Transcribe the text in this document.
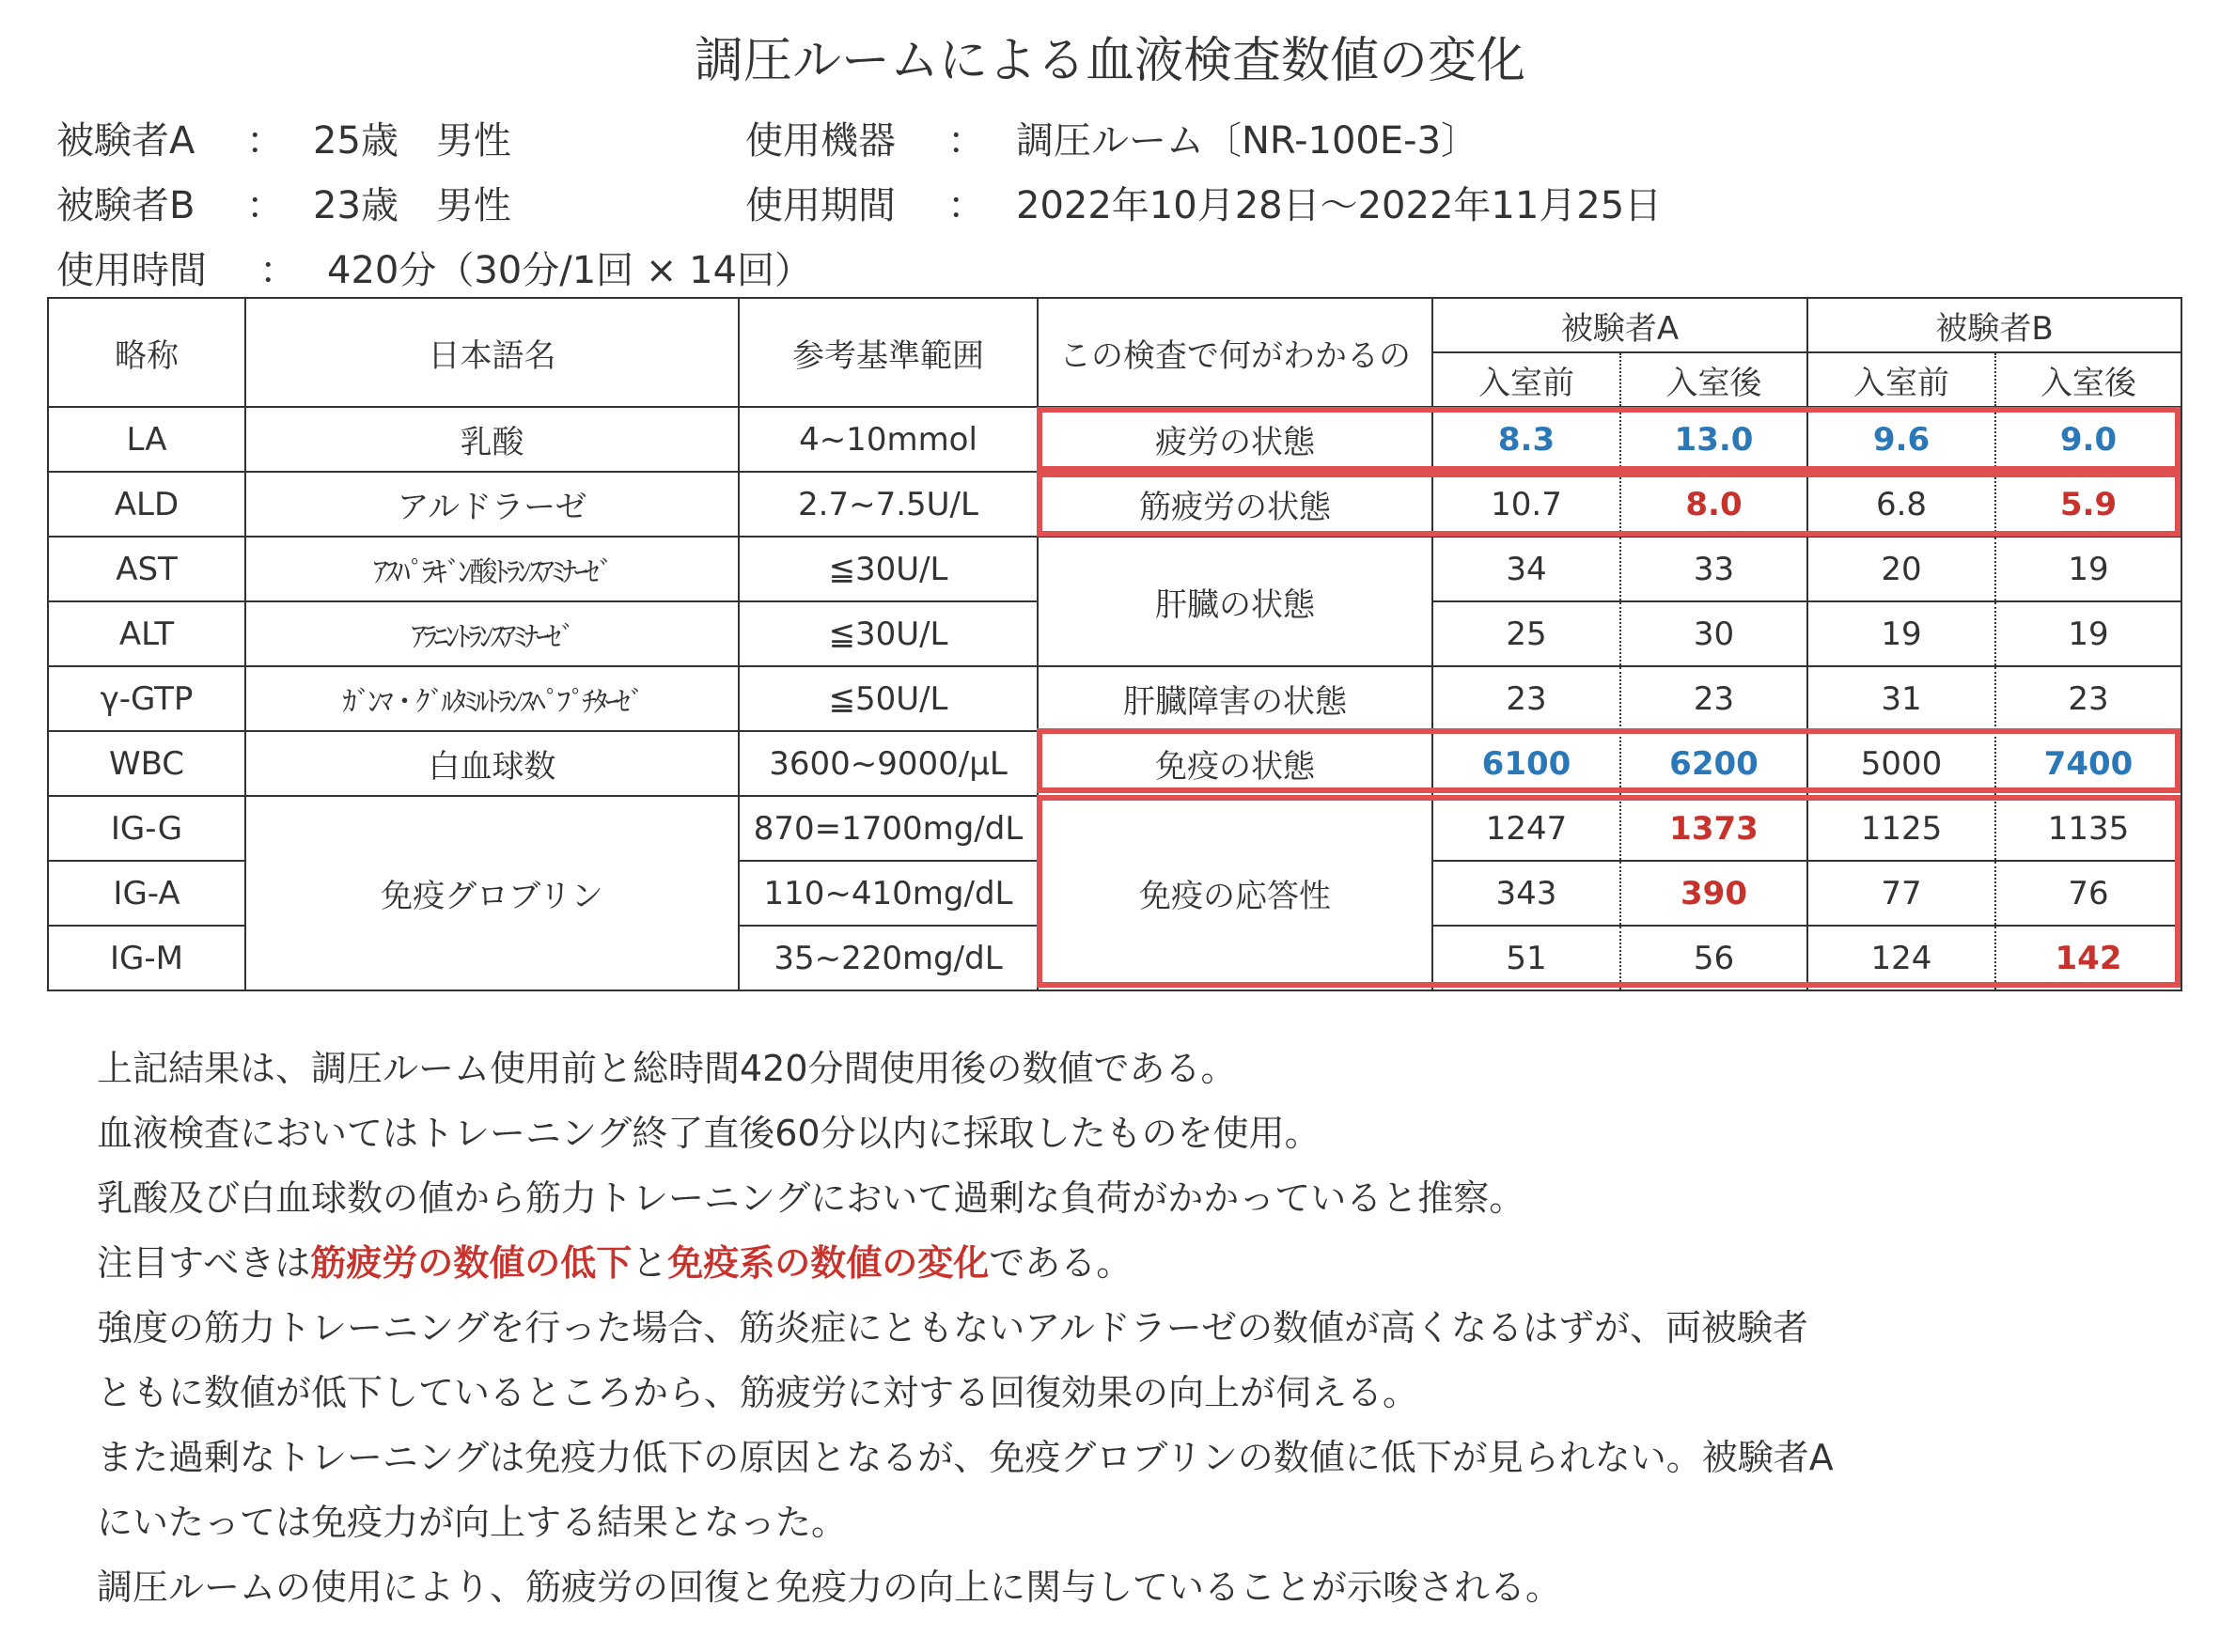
調圧ルームによる血液検査数値の変化
被験者A ： 25歳　男性
被験者B ： 23歳　男性
使用時間 ： 420分（30分/1回 × 14回）
使用機器 ： 調圧ルーム〔NR-100E-3〕
使用期間 ： 2022年10月28日～2022年11月25日
略称	日本語名	参考基準範囲	この検査で何がわかるの	被験者A		被験者B	
				入室前	入室後	入室前	入室後
LA	乳酸	4~10mmol	疲労の状態	8.3	13.0	9.6	9.0
ALD	アルドラーゼ	2.7~7.5U/L	筋疲労の状態	10.7	8.0	6.8	5.9
AST	ｱｽﾊﾟﾗｷﾞﾝ酸ﾄﾗﾝｽｱﾐﾅｰｾﾞ	≦30U/L	肝臓の状態	34	33	20	19
ALT	ｱﾗﾆﾝﾄﾗﾝｽｱﾐﾅｰｾﾞ	≦30U/L		25	30	19	19
γ-GTP	ｶﾞﾝﾏ・ｸﾞﾙﾀﾐﾙﾄﾗﾝｽﾍﾟﾌﾟﾁﾀｰｾﾞ	≦50U/L	肝臓障害の状態	23	23	31	23
WBC	白血球数	3600~9000/μL	免疫の状態	6100	6200	5000	7400
IG-G	免疫グロブリン	870=1700mg/dL	免疫の応答性	1247	1373	1125	1135
IG-A		110~410mg/dL		343	390	77	76
IG-M		35~220mg/dL		51	56	124	142
上記結果は、調圧ルーム使用前と総時間420分間使用後の数値である。
血液検査においてはトレーニング終了直後60分以内に採取したものを使用。
乳酸及び白血球数の値から筋力トレーニングにおいて過剰な負荷がかかっていると推察。
注目すべきは筋疲労の数値の低下と免疫系の数値の変化である。
強度の筋力トレーニングを行った場合、筋炎症にともないアルドラーゼの数値が高くなるはずが、両被験者
ともに数値が低下しているところから、筋疲労に対する回復効果の向上が伺える。
また過剰なトレーニングは免疫力低下の原因となるが、免疫グロブリンの数値に低下が見られない。被験者A
にいたっては免疫力が向上する結果となった。
調圧ルームの使用により、筋疲労の回復と免疫力の向上に関与していることが示唆される。
